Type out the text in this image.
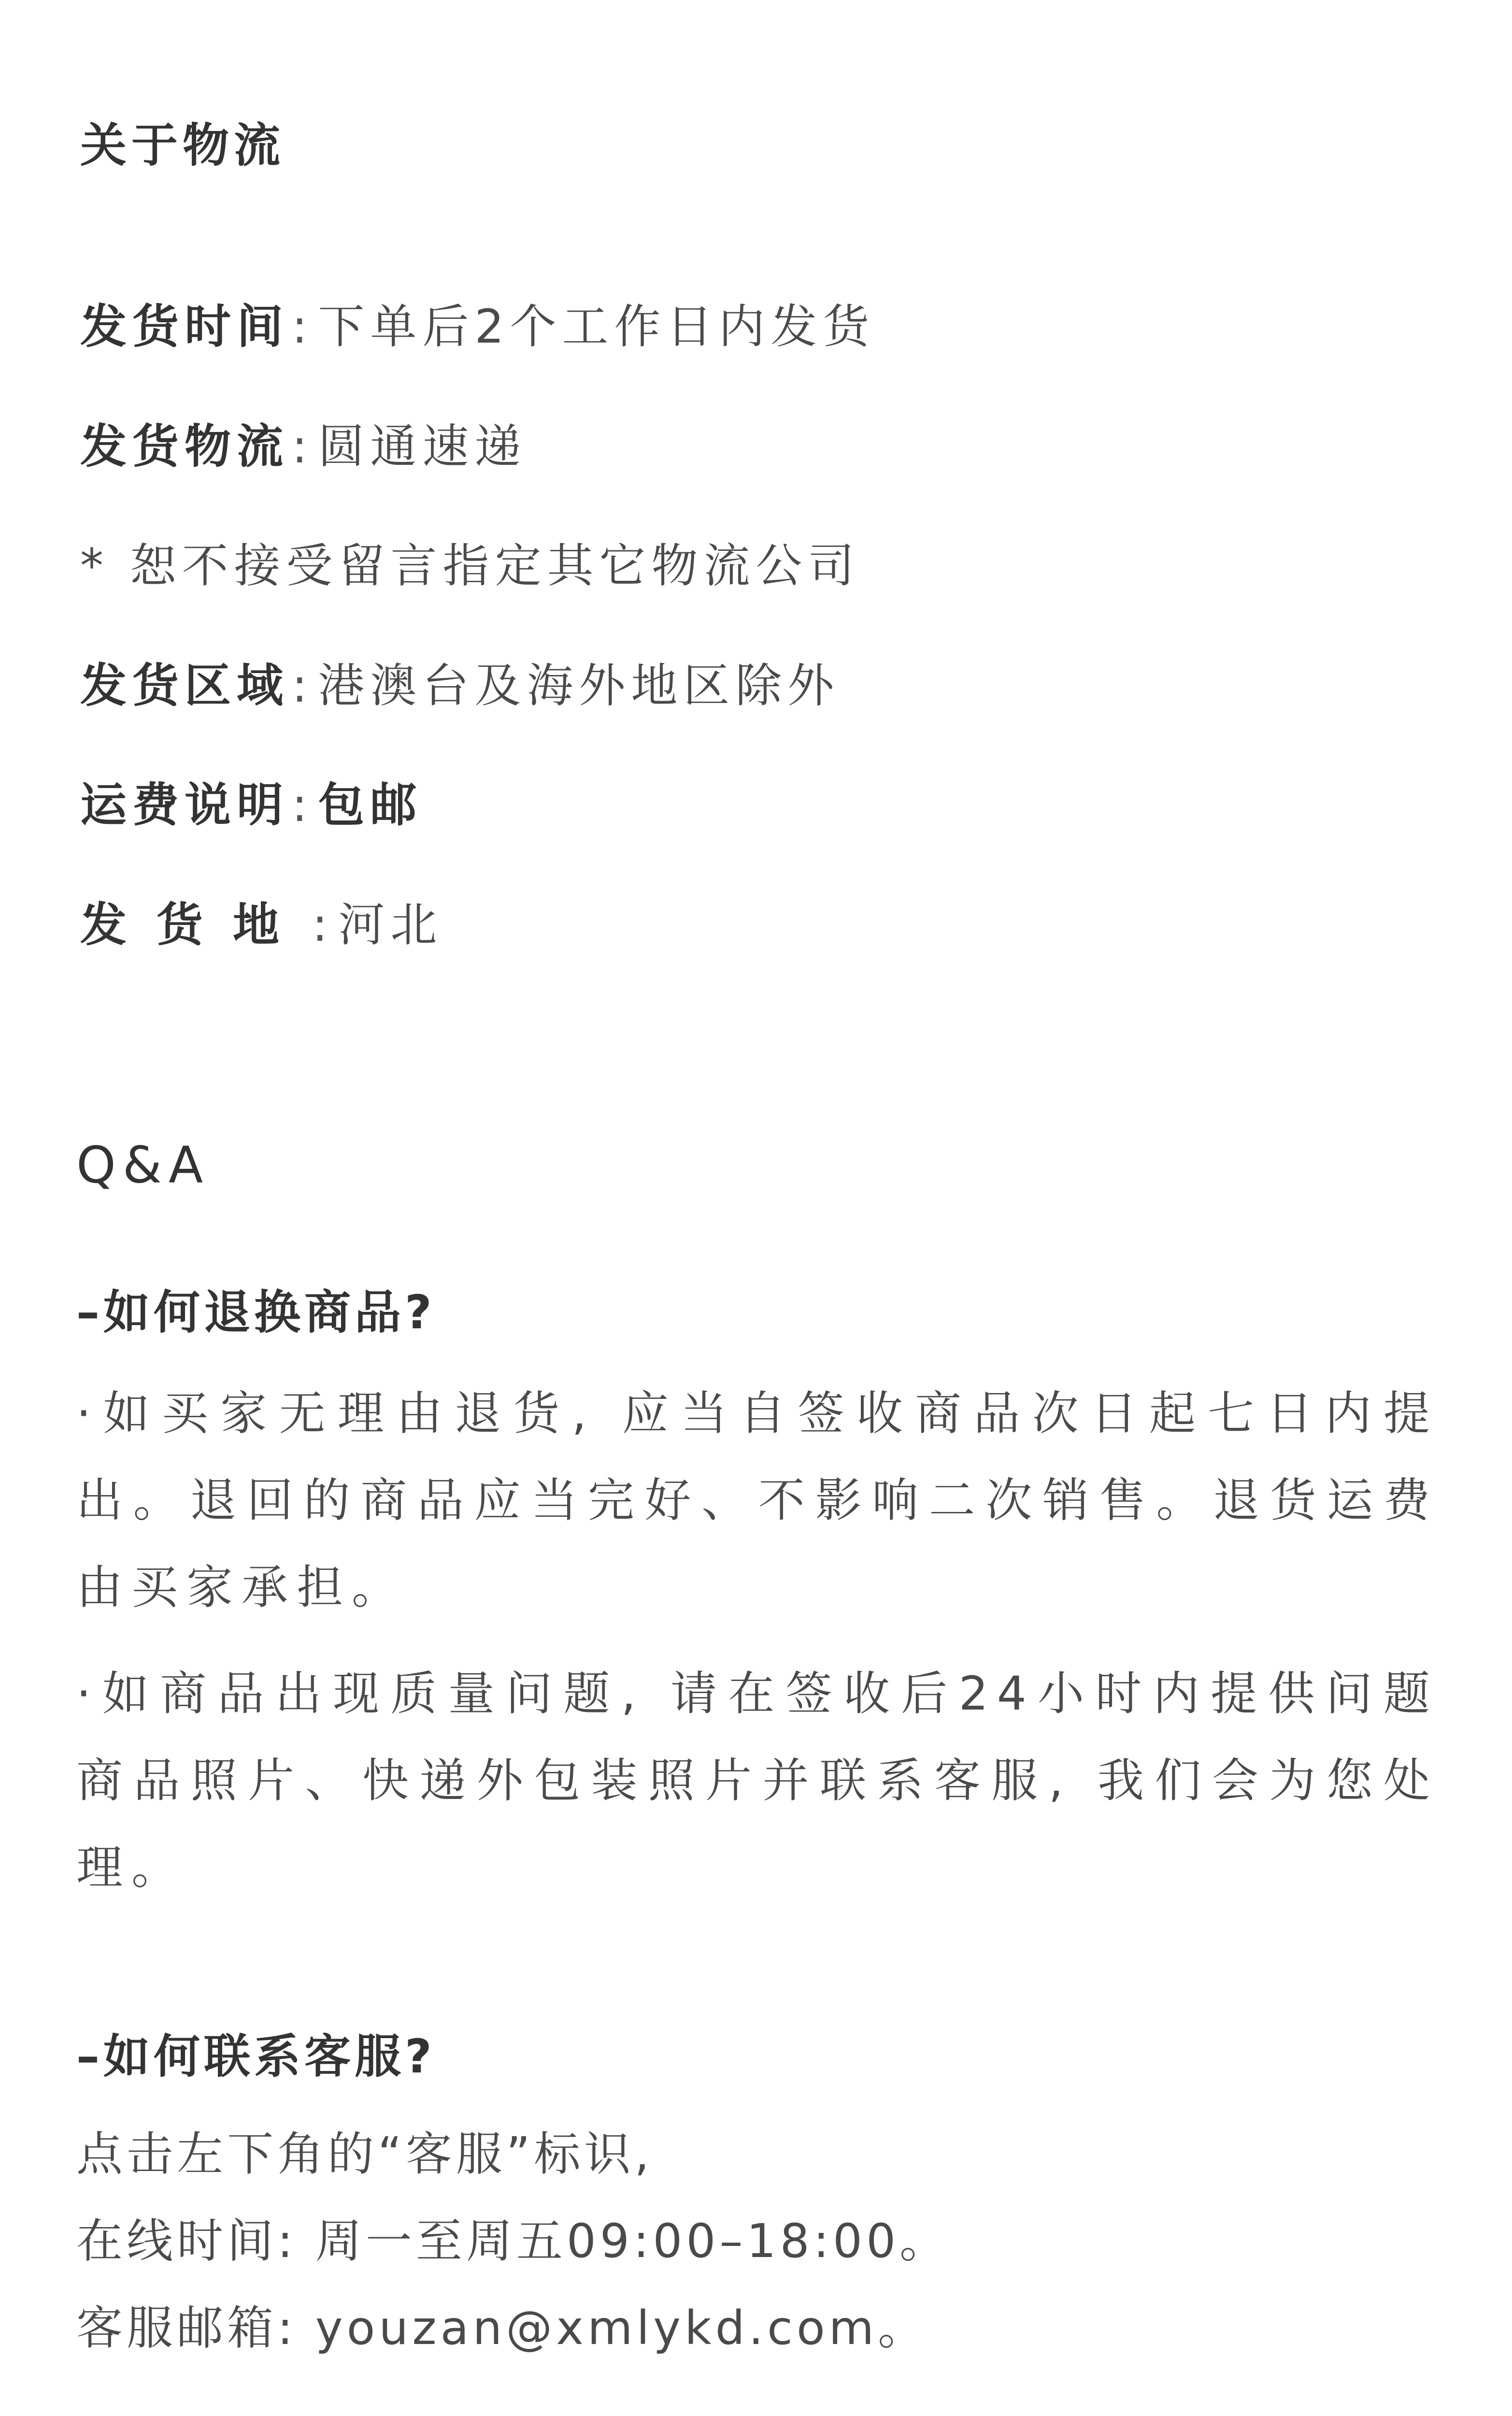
关于物流
发货时间: 下单后2个工作日内发货
发货物流: 圆通速递
* 恕不接受留言指定其它物流公司
发货区域: 港澳台及海外地区除外
运费说明: 包邮
发货地: 河北
Q&A
–如何退换商品?
·如买家无理由退货, 应当自签收商品次日起七日内提
出。退回的商品应当完好、不影响二次销售。退货运费
由买家承担。
·如商品出现质量问题, 请在签收后24小时内提供问题
商品照片、快递外包装照片并联系客服, 我们会为您处
理。
–如何联系客服?
点击左下角的“客服”标识,
在线时间: 周一至周五09:00–18:00。
客服邮箱: youzan@xmlykd.com。
